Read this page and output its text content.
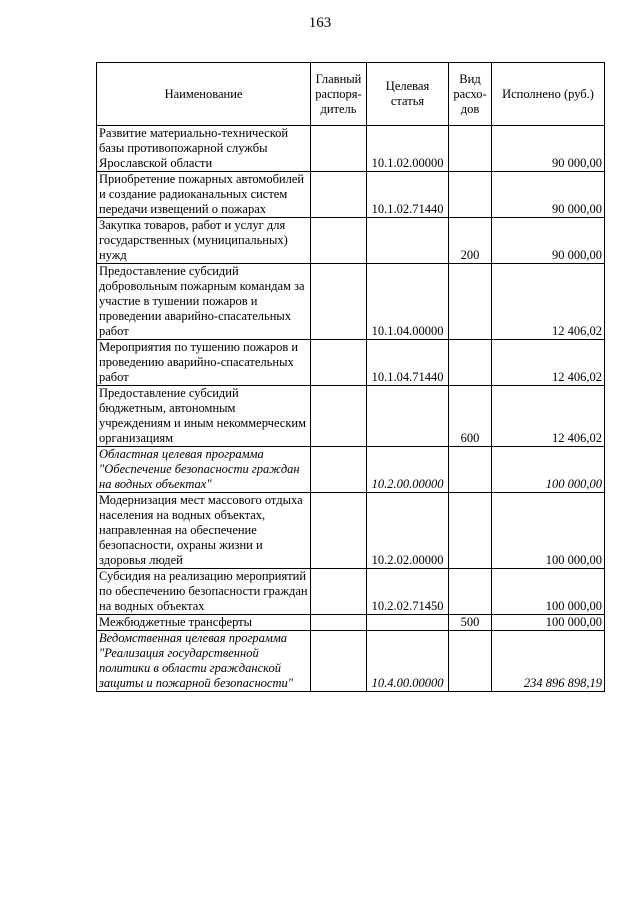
163
Наименование	Главный распоря-дитель	Целевая статья	Вид расхо-дов	Исполнено (руб.)
Развитие материально-технической базы противопожарной службы Ярославской области		10.1.02.00000		90 000,00
Приобретение пожарных автомобилей и создание радиоканальных систем передачи извещений о пожарах		10.1.02.71440		90 000,00
Закупка товаров, работ и услуг для государственных (муниципальных) нужд			200	90 000,00
Предоставление субсидий добровольным пожарным командам за участие в тушении пожаров и проведении аварийно-спасательных работ		10.1.04.00000		12 406,02
Мероприятия по тушению пожаров и проведению аварийно-спасательных работ		10.1.04.71440		12 406,02
Предоставление субсидий бюджетным, автономным учреждениям и иным некоммерческим организациям			600	12 406,02
Областная целевая программа "Обеспечение безопасности граждан на водных объектах"		10.2.00.00000		100 000,00
Модернизация мест массового отдыха населения на водных объектах, направленная на обеспечение безопасности, охраны жизни и здоровья людей		10.2.02.00000		100 000,00
Субсидия на реализацию мероприятий по обеспечению безопасности граждан на водных объектах		10.2.02.71450		100 000,00
Межбюджетные трансферты			500	100 000,00
Ведомственная целевая программа "Реализация государственной политики в области гражданской защиты и пожарной безопасности"		10.4.00.00000		234 896 898,19
